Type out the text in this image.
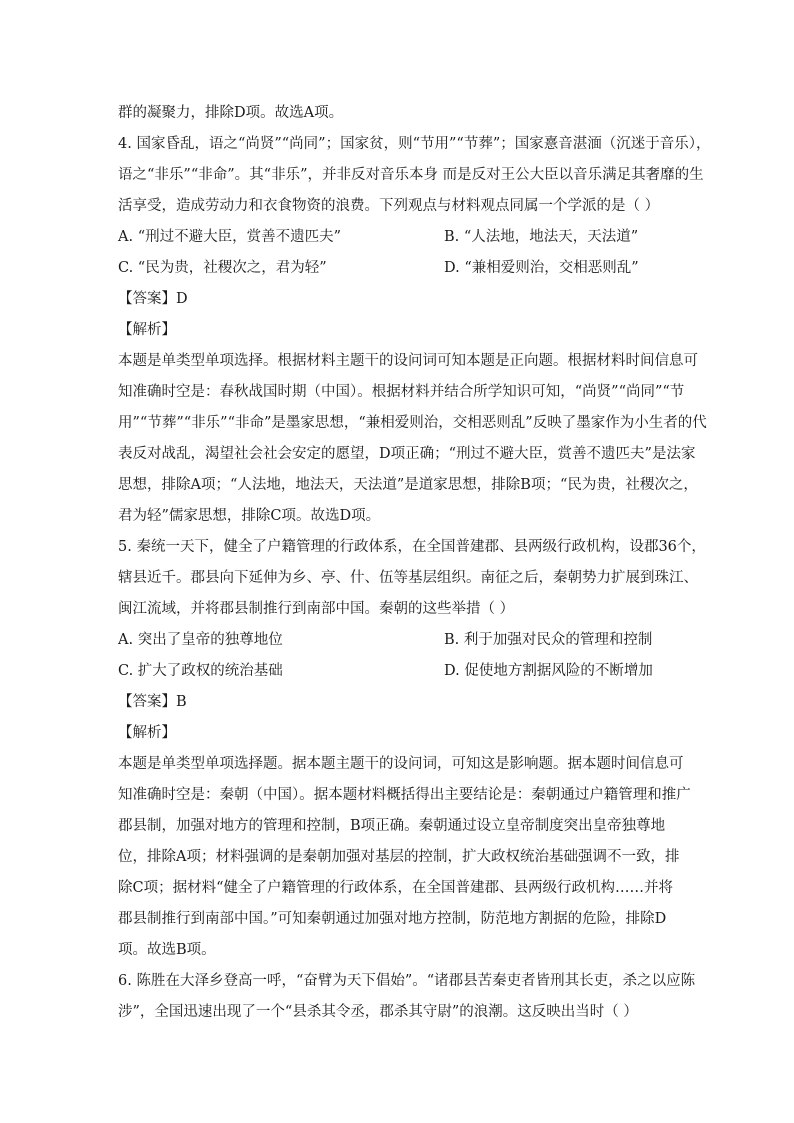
群的凝聚力，排除D项。故选A项。

4. 国家昏乱，语之“尚贤”“尚同”；国家贫，则“节用”“节葬”；国家憙音湛湎（沉迷于音乐），

语之“非乐”“非命”。其“非乐”，并非反对音乐本身 而是反对王公大臣以音乐满足其奢靡的生

活享受，造成劳动力和衣食物资的浪费。下列观点与材料观点同属一个学派的是（ ）

A. “刑过不避大臣，赏善不遗匹夫”	B. “人法地，地法天，天法道”
C. “民为贵，社稷次之，君为轻”	D. “兼相爱则治，交相恶则乱”

【答案】D

【解析】

本题是单类型单项选择。根据材料主题干的设问词可知本题是正向题。根据材料时间信息可

知准确时空是：春秋战国时期（中国）。根据材料并结合所学知识可知，“尚贤”“尚同”“节

用”“节葬”“非乐”“非命”是墨家思想，“兼相爱则治，交相恶则乱”反映了墨家作为小生者的代

表反对战乱，渴望社会社会安定的愿望，D项正确；“刑过不避大臣，赏善不遗匹夫”是法家

思想，排除A项；“人法地，地法天，天法道”是道家思想，排除B项；“民为贵，社稷次之，

君为轻”儒家思想，排除C项。故选D项。

5. 秦统一天下，健全了户籍管理的行政体系，在全国普建郡、县两级行政机构，设郡36个，

辖县近千。郡县向下延伸为乡、亭、什、伍等基层组织。南征之后，秦朝势力扩展到珠江、

闽江流域，并将郡县制推行到南部中国。秦朝的这些举措（ ）

A. 突出了皇帝的独尊地位	B. 利于加强对民众的管理和控制
C. 扩大了政权的统治基础	D. 促使地方割据风险的不断增加

【答案】B

【解析】

本题是单类型单项选择题。据本题主题干的设问词，可知这是影响题。据本题时间信息可

知准确时空是：秦朝（中国）。据本题材料概括得出主要结论是：秦朝通过户籍管理和推广

郡县制，加强对地方的管理和控制，B项正确。秦朝通过设立皇帝制度突出皇帝独尊地

位，排除A项；材料强调的是秦朝加强对基层的控制，扩大政权统治基础强调不一致，排

除C项；据材料“健全了户籍管理的行政体系，在全国普建郡、县两级行政机构……并将

郡县制推行到南部中国。”可知秦朝通过加强对地方控制，防范地方割据的危险，排除D

项。故选B项。

6. 陈胜在大泽乡登高一呼，“奋臂为天下倡始”。“诸郡县苦秦吏者皆刑其长吏，杀之以应陈

涉”，全国迅速出现了一个“县杀其令丞，郡杀其守尉”的浪潮。这反映出当时（ ）
